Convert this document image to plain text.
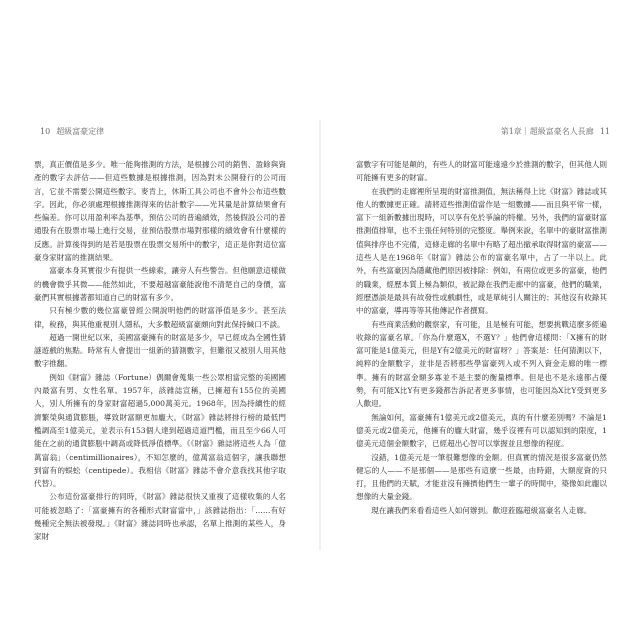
10 超級富豪定律

票，真正價值是多少。唯一能夠推測的方法，是根據公司的銷售、盈餘與資產的數字去評估——但這些數據是根據推測，因為對未公開發行的公司而言，它並不需要公開這些數字。麥肯上，休斯工具公司也不會外公布這些數字。因此，你必須處理根據推測得來的估計數字——光其量是計算結果會有些偏差。你可以用盈利率為基準，預估公司的普遍績效，然後假設公司的普通股有在股票市場上進行交易，並預估股票市場對那樣的績效會有什麼樣的反應。計算後得到的是若是股票在股票交易所中的數字，這正是你對這位富豪身家財富的推測結果。

富豪本身其實很少有提供一些線索，讓旁人有些警告。但他願意這樣做的機會微乎其微——能然如此，不要超越富豪能說他不清楚自己的身價，富豪們其實根據著都知道自己的財富有多少。

只有極少數的幾位富豪曾經公開說明他們的財富淨值是多少。甚至法律，稅務，與其他重視別人隱私，大多數超級富豪頗向對此保持緘口不談。

超過一開世紀以來，美國富豪擁有的財富是多少，早已經成為全國性猜謎遊戲的焦點。時常有人會提出一組新的猜測數字，但難很又被別人用其他數字推翻。

例如《財富》雜誌（Fortune）偶爾會蒐集一些公眾相當完整的美國國內最富有男、女性名單。1957年，該雜誌宣稱，已擁超有155位的美國人，別人所擁有的身家財富超過5,000萬美元。1968年，因為持續性的經濟繁榮與通貨膨脹，導致財富額更加龐大。《財富》雜誌將排行榜的最低門檻調高至1億美元，並表示有153個人達到超過這道門檻，而且至少66人可能在之前的通貨膨脹中調高或降低淨值標準。《《財富》雜誌將這些人為「億萬富翁」（centimillionaires），不知怎麼的，億萬富翁這個字，讓我聯想到富有的蜈蚣（centipede）。我相信《財富》雜誌不會介意我找其他字取代替）。

公布這份富豪排行的同時，《財富》雜誌很快又重複了這樣收集的人名可能被忽略了：「富豪擁有的各種形式財富當中，」該雜誌指出：「……有好幾種完全無法被發現。」《財富》雜誌同時也承認，名單上推測的某些人，身家財

第1章｜超級富豪名人長廊 11

富數字有可能是顛的，有些人的財富可能遠遠少於推測的數字，但其他人則可能擁有更多的財富。

在我們的走廊裡所呈現的財富推測值，無法稱得上比《財富》雜誌或其他人的數據更正確。請將這些推測值當作是一組數據——而且與平常一樣，富下一組新數據出現時，可以享有免於爭論的特權。另外，我們的富豪財富推測值排單，也不主張任何特別的完整度。舉例來說，名單中的豪財富推測值與排序也不完備，這條走廊的名單中有略了超出撤承取得財富的豪富——這些人是在1968年《財富》雜誌公布的富豪名單中，占了一半以上。此外，有些富豪因為隱藏他們原因被排除：例如，有兩位或更多的富豪，他們的職業，經歷本質上極為類似，被記錄在我們走廊中的富豪，他們的職業，經歷憑談是最具有故發性或戲劇性，或是單純引人關注的；其他沒有收錄其中的富豪，導再等等其他傳記作者撰寫。

有些商業活動的觀察家，有可能，且是極有可能，想要挑戰這麼多經遍收錄的富豪名單。「你為什麼選X，不選Y？」他們會這樣問：「X擁有的財富可能是1億美元，但是Y有2億美元的財富呀？」答案是：任何猜測以下，純粹的金額數字，並非是否將那些學富豪列入或不列入資金走廊的唯一標準。擁有的財富金額多寡並不是主要的衡量標準。但是也不是永遠都占優勢，有可能X比Y有更多錢都告訴記者更多事情，也可能因為X比Y受到更多人歡迎。

無論如何，富豪擁有1億美元或2億美元，真的有什麼差別嗎？不論是1億美元或2億美元，他擁有的龐大財富，幾乎沒裡有可以認知到的限度，1億美元這個金額數字，已經超出心智可以掌握並且想像的程度。

沒錯，1億美元是一筆很難想像的金額。但真實的情況是很多富豪仍然健忘的人——不是那個——是那些有這麼一些最，由時錯，大額度資的只打，且他們的天賦，才能並沒有擁擠他們生一輩子的時間中，築像如此龐以想像的大量金錢。

現在讓我們來看看這些人如何辦到。歡迎蒞臨超級富豪名人走廊。
